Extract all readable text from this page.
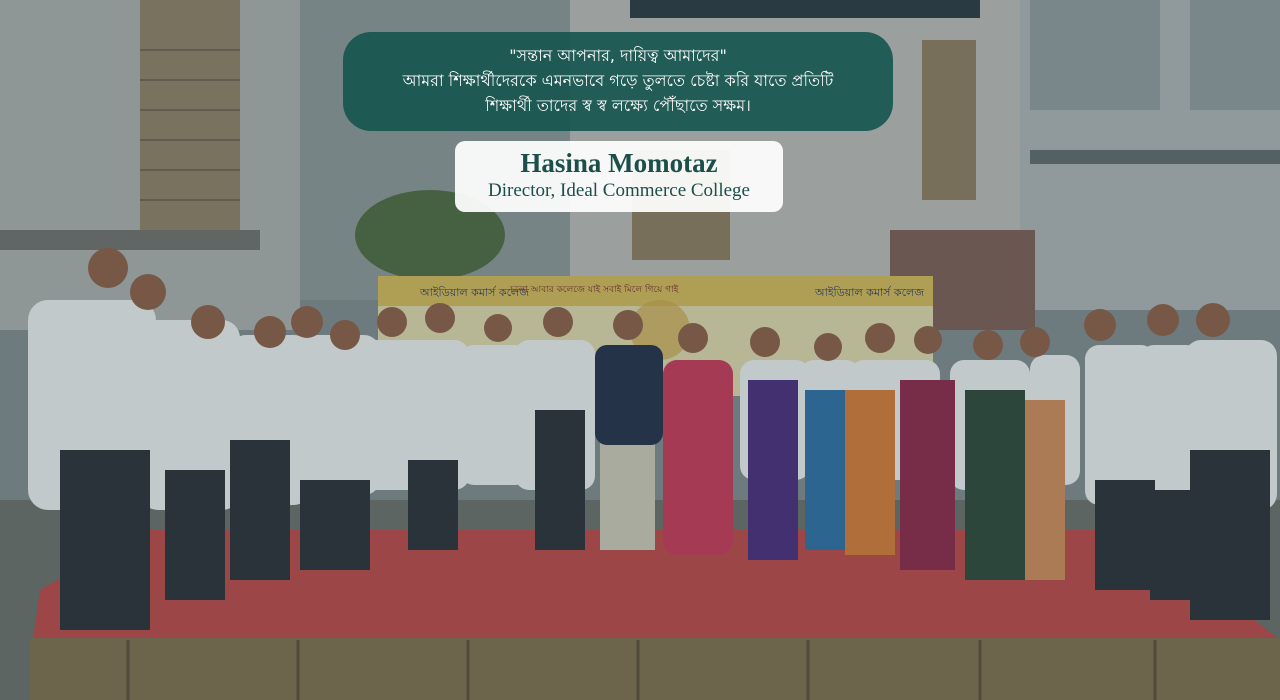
আইডিয়াল কমার্স কলেজ
চলো আবার কলেজে যাই সবাই মিলে গিয়ে গাই	আইডিয়াল কমার্স কলেজ
"সন্তান আপনার, দায়িত্ব আমাদের"
আমরা শিক্ষার্থীদেরকে এমনভাবে গড়ে তুলতে চেষ্টা করি যাতে প্রতিটি
শিক্ষার্থী তাদের স্ব স্ব লক্ষ্যে পৌঁছাতে সক্ষম।
Hasina Momotaz
Director, Ideal Commerce College
